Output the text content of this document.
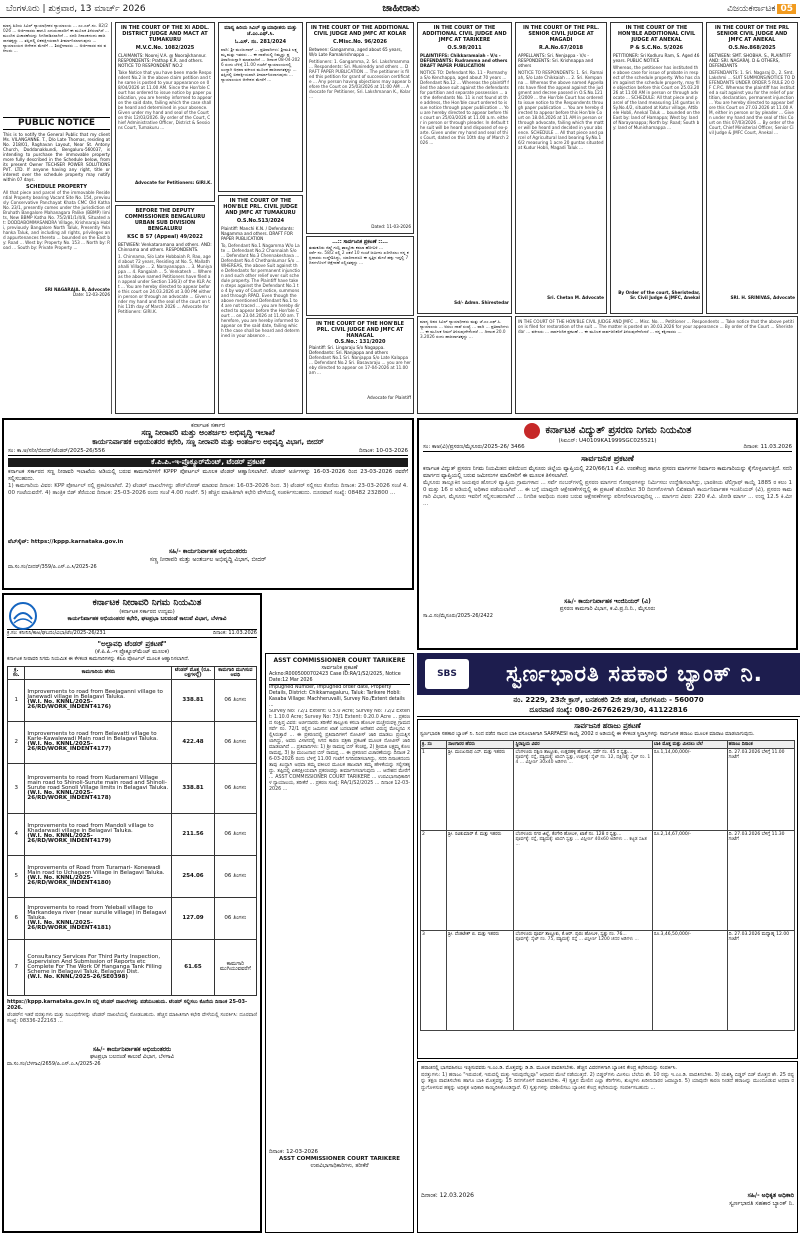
ಬೆಂಗಳೂರು | ಶುಕ್ರವಾರ, 13 ಮಾರ್ಚ್ 2026	ಜಾಹೀರಾತು	ವಿಜಯಕರ್ನಾಟಕ 05
ಮಾನ್ಯ ಹಿರಿಯ ಸಿವಿಲ್ ನ್ಯಾಯಾಧೀಶರ ನ್ಯಾಯಾಲಯ ... ಎಂ.ಎಸ್.ನಂ. 82/2026 ... ಅರ್ಜಿದಾರರು ಹಾಗೂ ಎದುರುದಾರರಿಗೆ ಈ ಮೂಲಕ ತಿಳಿಸಲಾಗಿದೆ ... ಮುಂದಿನ ವಿಚಾರಣೆಯನ್ನು ನಿಗದಿಪಡಿಸಲಾಗಿದೆ ... ಸದರಿ ದಿನಾಂಕದಂದು ಹಾಜರಾಗತಕ್ಕದ್ದು ... ತಪ್ಪಿದಲ್ಲಿ ಏಕಪಕ್ಷೀಯವಾಗಿ ತೀರ್ಮಾನಿಸಲಾಗುವುದು ... ನ್ಯಾಯಾಲಯದ ಆದೇಶದ ಮೇರೆಗೆ ... ಶಿರಸ್ತೇದಾರರು ... ಅರ್ಜಿದಾರರ ಪರ ವಕೀಲರು ...
PUBLIC NOTICE
This is to notify the General Public that my client Ms. VILANGANNE. T., D/o Late Thomas, residing at No. 218/01, Raghavan Layout, Near St. Antony Church, Doddanakkundi, Bengaluru-560037, is intending to purchase the immovable property more fully described in the Schedule below, from its present Owner TECHSER POWER SOLUTIONS PVT. LTD. If anyone having any right, title or interest over the schedule property may notify within 07 days.
SCHEDULE PROPERTY
All that piece and parcel of the immovable Residential Property bearing Vacant Site No. 154, previously Conservative Panchayat Khata CMC Old Katha No. 23/1, presently comes under the jurisdiction of Bruhath Bangalore Mahanagara Palike (BBMP) limits, New BBMP Katha No. 75/2/81/1/4/8, Situated at: DODDABOMMASANDRA Village, Krishnaraja Hobli, previously Bangalore North Taluk, Presently Yelahanka Taluk, and including all rights, privileges and appurtenances thereto ... bounded on the East by: Road ... West by: Property No. 153 ... North by: Road ... South by: Private Property ...
SRI NAGARAJA. B, Advocate
Date: 12-03-2026
IN THE COURT OF THE XI ADDL. DISTRICT JUDGE AND MACT AT TUMAKURU
M.V.C.No. 1082/2025
CLAIMANTS: Noorej V.A. @ Noorajkhannur. RESPONDENTS: Prathap K.R. and others. NOTICE TO RESPONDENT NO.2
Take Notice that you have been made Respondent No.2 in the above claim petition and the same is posted to your appearance on 08/04/2026 at 11.00 AM. Since the Hon'ble Court has ordered to issue notice by paper publication, you are hereby informed to appear on the said date, failing which the case shall be heard and determined in your absence. Given under my hand and seal of the Court on this 12/03/2026. By order of the Court, Chief Administrative Officer, District & Sessions Court, Tumakuru ...
Advocate for Petitioners: GIRI.K.
BEFORE THE DEPUTY COMMISSIONER BENGALURU URBAN SUB DIVISION BENGALURU
KSC B 57 (Appeal) 49/2022
BETWEEN: Venkataramana and others. AND: Chinnama and others. RESPONDENTS.
1. Chinnama, S/o Late Hobbaiah R. Rao, aged about 72 years, Residing at No. 5, Mallathahalli Village ... 2. Narayanappa ... 3. Muniyappa ... 4. Rangaiah ... 5. Venkatesh ... Whereas the above named Petitioners have filed an appeal under Section 136(3) of the KLR Act ... You are hereby directed to appear before this court on 24.03.2026 at 3.00 PM either in person or through an advocate ... Given under my hand and the seal of the court on this 11th day of March 2026 ... Advocate for Petitioners: GIRI.K.
ಮಾನ್ಯ ಹಿರಿಯ ಸಿವಿಲ್ ನ್ಯಾಯಾಧೀಶರು ಮತ್ತು ಜೆ.ಎಂ.ಎಫ್.ಸಿ.
ಓ.ಎಸ್. ನಂ. 281/2024
ವಾದಿ: ಶ್ರೀ ಮಂಜುನಾಥ್ ... ಪ್ರತಿವಾದಿಗಳು: ಶ್ರೀಮತಿ ಲಕ್ಷ್ಮಮ್ಮ ಮತ್ತು ಇತರರು ... ಈ ದಾವೆಯಲ್ಲಿ ನಿಮ್ಮನ್ನು ಪ್ರತಿವಾದಿಯನ್ನಾಗಿ ಮಾಡಲಾಗಿದೆ ... ದಿನಾಂಕ 08-04-2026 ರಂದು ಬೆಳಿಗ್ಗೆ 11.00 ಗಂಟೆಗೆ ನ್ಯಾಯಾಲಯದಲ್ಲಿ ಖುದ್ದಾಗಿ ಅಥವಾ ವಕೀಲರ ಮೂಲಕ ಹಾಜರಾಗತಕ್ಕದ್ದು ... ತಪ್ಪಿದಲ್ಲಿ ಏಕಪಕ್ಷೀಯವಾಗಿ ತೀರ್ಮಾನಿಸಲಾಗುವುದು ... ನ್ಯಾಯಾಲಯದ ಆದೇಶದ ಮೇರೆಗೆ ...
IN THE COURT OF THE HON'BLE PRL. CIVIL JUDGE AND JMFC AT TUMAKURU
O.S.No.513/2024
Plaintiff: Manchi K.N. / Defendants: Nagamma and others. DRAFT FOR PAPER PUBLICATION
To, Defendant No.1 Nagamma W/o Late ... Defendant No.2 Channaiah S/o ... Defendant No.3 Chennakeshava ... Defendant No.4 Chethankumar S/o ... WHEREAS, the above Suit against the Defendants for permanent injunction and such other relief over suit schedule property. The Plaintiff have taken steps against the Defendant No.1 to 4 by way of Court notice, summons and through RPAD. Even though the above mentioned Defendant No.1 to 4 are not traced ... you are hereby directed to appear before the Hon'ble Court ... on 23.04.2026 at 11.00 am. Therefore, you are hereby informed to appear on the said date, failing which the case shall be heard and determined in your absence ...
IN THE COURT OF THE ADDITIONAL CIVIL JUDGE AND JMFC AT KOLAR
C.Misc.No. 96/2026
Between: Gangamma, aged about 65 years, W/o Late Ramakrishnappa ...
Petitioners: 1. Gangamma, 2. Sri. Lakshmamma ... Respondents: Sri. Munireddy and others ... DRAFT PAPER PUBLICATION ... The petitioner is filed this petition for grant of succession certificate ... Any person having objections may appear before the Court on 25/03/2026 at 11:00 AM ... Advocate for Petitioner, Sri. Lakshmanan K., Kolar ...
Dated: 11-03-2026
...:: ಸಾರ್ವಜನಿಕ ಪ್ರಕಟಣೆ ::...
ತುಮಕೂರು ಜಿಲ್ಲೆ ಗುಬ್ಬಿ ತಾಲ್ಲೂಕು ಕಸಬಾ ಹೋಬಳಿ ...
ಸರ್ವೆ ನಂ. 58/2 ರಲ್ಲಿ 2 ಎಕರೆ 10 ಗುಂಟೆ ಜಮೀನು ಖರೀದಿಸಲು ನನ್ನ ಕಕ್ಷಿದಾರರು ಉದ್ದೇಶಿಸಿದ್ದು, ಯಾರಿಗಾದರೂ ಈ ಸ್ವತ್ತಿನ ಮೇಲೆ ಹಕ್ಕು ಇದ್ದಲ್ಲಿ 7 ದಿನಗಳೊಳಗೆ ಆಕ್ಷೇಪಣೆ ಸಲ್ಲಿಸತಕ್ಕದ್ದು ...
IN THE COURT OF THE HON'BLE PRL. CIVIL JUDGE AND JMFC AT HANAGAL
O.S.No.: 131/2020
Plaintiff: Sri. Lingaraju S/o Nagappa. Defendants: Sri. Nanjappa and others
Defendant No.1 Sri. Nanjappa S/o Late Kalappa ... Defendant No.2 Sri. Basavaraju ... you are hereby directed to appear on 17-04-2026 at 11.00 am ...
Advocate for Plaintiff
IN THE COURT OF THE ADDITIONAL CIVIL JUDGE AND JMFC AT TARIKERE
O.S.98/2011
PLAINTIFFS: Chikkaramaiah - V/s - DEFENDANTS: Rudramma and others DRAFT PAPER PUBLICATION
NOTICE TO: Defendant No. 11 - Parmashya S/o Kenchappa, aged about 70 years ... Defendant No.12 ... Whereas the plaintiff filed the above suit against the defendants for partition and separate possession ... as the defendants No. 11 is not found at the address, the Hon'ble court ordered to issue notice through paper publication ... You are hereby directed to appear before this court on 25/03/2026 at 11.00 a.m. either in person or through pleader. In default the suit will be heard and disposed of ex-parte. Given under my hand and seal of this Court, dated on this 10th day of March 2026 ...
Sd/- Admn. Shirestedar
IN THE COURT OF THE PRL. SENIOR CIVIL JUDGE AT MAGADI
R.A.No.67/2018
APPELLANTS: Sri. Nenjappa - V/s - RESPONDENTS: Sri. Krishnappa and others
NOTICE TO RESPONDENTS: 1. Sri. Ramaiah, S/o Late Chikkaiah ... 2. Sri. Kempanna ... Whereas the above named Appellants have filed the appeal against the judgment and decree passed in O.S.No.1212/2009 ... the Hon'ble Court has ordered to issue notice to the Respondents through paper publication ... You are hereby directed to appear before this Hon'ble Court on 18.04.2026 at 11 AM in person or through advocate, failing which the matter will be heard and decided in your absence. SCHEDULE ... All that piece and parcel of Agricultural land bearing Sy.No.16/2 measuring 1 acre 20 guntas situated at Kudur Hobli, Magadi Taluk ...
Sri. Chetan M. Advocate
IN THE COURT OF THE HON'BLE ADDITIONAL CIVIL JUDGE AT ANEKAL
P & S.C.No. 5/2026
PETITIONER: Sri Kodluru Ram, S. Aged 46 years. PUBLIC NOTICE
Whereas, the petitioner has instituted the above case for issue of probate in respect of the schedule property. Who has claim against the schedule property, may file objection before this Court on 25.03.2026 at 11:00 AM in person or through advocate ... SCHEDULE: All that piece and parcel of the land measuring 1/4 guntas in Sy.No.4/2, situated at Kotur village, Attibele Hobli, Anekal Taluk ... bounded on the East by: land of Hamappa; West by: land of Narayanappa; North by: Road; South by: land of Munishamappa ...
By Order of the court, Sheristedar, Sr. Civil Judge & JMFC, Anekal
IN THE COURT OF THE PRL SENIOR CIVIL JUDGE AND JMFC AT ANEKAL
O.S.No.868/2025
BETWEEN: SMT. SHOBHA. S., PLAINTIFF AND: SRI. NAGARAJ. D & OTHERS, DEFENDANTS
DEFENDANTS: 1. Sri. Nagaraj D., 2. Smt. Lakshmi ... SUIT SUMMONS/NOTICE TO DEFENDANTS UNDER ORDER 5 RULE 20 OF C.P.C. Whereas the plaintiff has instituted a suit against you for the relief of partition, declaration, permanent injunction ... You are hereby directed to appear before this Court on 27.03.2026 at 11.00 AM, either in person or by pleader ... Given under my hand and the seal of this Court on this 07/03/2026 ... By order of the Court, Chief Ministerial Officer, Senior Civil Judge & JMFC Court, Anekal ...
SRI. H. SRINIVAS, Advocate
ಮಾನ್ಯ ಅಪರ ಸಿವಿಲ್ ನ್ಯಾಯಾಧೀಶರು ಮತ್ತು ಜೆ.ಎಂ.ಎಫ್.ಸಿ. ನ್ಯಾಯಾಲಯ ... ಅಸಲು ದಾವೆ ಸಂಖ್ಯೆ ... ವಾದಿ ... ಪ್ರತಿವಾದಿಗಳು ... ಈ ಮೂಲಕ ನಿಮಗೆ ತಿಳಿಸುವುದೇನೆಂದರೆ ... ದಿನಾಂಕ 20.03.2026 ರಂದು ಹಾಜರಾಗತಕ್ಕದ್ದು ...
IN THE COURT OF THE HON'BLE CIVIL JUDGE AND JMFC ... Misc. No. ... Petitioner ... Respondents ... Take notice that the above petition is filed for restoration of the suit ... The matter is posted on 30.03.2026 for your appearance ... By order of the Court ... Sheristedar ... ವಕೀಲರು ... ಸಾರ್ವಜನಿಕ ಪ್ರಕಟಣೆ ... ಈ ಮೂಲಕ ಸಾರ್ವಜನಿಕರಿಗೆ ತಿಳಿಸುವುದೇನೆಂದರೆ ... ನನ್ನ ಕಕ್ಷಿದಾರರು ...
ಕರ್ನಾಟಕ ಸರ್ಕಾರ
ಸಣ್ಣ ನೀರಾವರಿ ಮತ್ತು ಅಂತರ್ಜಲ ಅಭಿವೃದ್ಧಿ ಇಲಾಖೆ
ಕಾರ್ಯನಿರ್ವಾಹಕ ಅಭಿಯಂತರರ ಕಛೇರಿ, ಸಣ್ಣ ನೀರಾವರಿ ಮತ್ತು ಅಂತರ್ಜಲ ಅಭಿವೃದ್ಧಿ ವಿಭಾಗ, ಬೀದರ್
ಸಂ: ಕಾ.ಅ/ಸನೀ/ಬೀದರ್/ಟೆಂಡರ್/2025-26/556	ದಿನಾಂಕ: 10-03-2026
ಕೆ.ಪಿ.ಪಿ.-ಇ-ಪ್ರೊಕ್ಯೂರ್‌ಮೆಂಟ್, ಟೆಂಡರ್ ಪ್ರಕಟಣೆ
ಕರ್ನಾಟಕ ಸರ್ಕಾರದ ಸಣ್ಣ ನೀರಾವರಿ ಇಲಾಖೆಯ ಅಡಿಯಲ್ಲಿ ಬರುವ ಕಾಮಗಾರಿಗಳಿಗೆ KPPP ಪೋರ್ಟಲ್ ಮೂಲಕ ಟೆಂಡರ್ ಆಹ್ವಾನಿಸಲಾಗಿದೆ. ಟೆಂಡರ್ ಅರ್ಜಿಗಳನ್ನು 16-03-2026 ರಿಂದ 23-03-2026 ರವರೆಗೆ ಸಲ್ಲಿಸಬಹುದು.
1) ಕಾಮಗಾರಿಯ ವಿವರ: KPP ಪೋರ್ಟಲ್ ನಲ್ಲಿ ಪ್ರಕಟಿಸಲಾಗಿದೆ. 2) ಟೆಂಡರ್ ದಾಖಲೆಗಳನ್ನು ಡೌನ್‌ಲೋಡ್ ಮಾಡುವ ದಿನಾಂಕ: 16-03-2026 ರಿಂದ. 3) ಟೆಂಡರ್ ಸಲ್ಲಿಸಲು ಕೊನೆಯ ದಿನಾಂಕ: 23-03-2026 ಸಂಜೆ 4.00 ಗಂಟೆಯವರೆಗೆ. 4) ತಾಂತ್ರಿಕ ಬಿಡ್ ತೆರೆಯುವ ದಿನಾಂಕ: 25-03-2026 ರಂದು ಸಂಜೆ 4.00 ಗಂಟೆಗೆ. 5) ಹೆಚ್ಚಿನ ಮಾಹಿತಿಗಾಗಿ ಕಛೇರಿ ವೇಳೆಯಲ್ಲಿ ಸಂಪರ್ಕಿಸಬಹುದು. ದೂರವಾಣಿ ಸಂಖ್ಯೆ: 08482 232800 ...
ವೆಬ್‌ಸೈಟ್: https://kppp.karnataka.gov.in
ಸಹಿ/- ಕಾರ್ಯನಿರ್ವಾಹಕ ಅಭಿಯಂತರರು
ಸಣ್ಣ ನೀರಾವರಿ ಮತ್ತು ಅಂತರ್ಜಲ ಅಭಿವೃದ್ಧಿ ವಿಭಾಗ, ಬೀದರ್
ವಾ.ಸಂ.ಸಂ/ಬೀದರ್/359/ಪಿ.ಎಸ್.ಎ.ಸಿ/2025-26
ಕರ್ನಾಟಕ ವಿದ್ಯುತ್ ಪ್ರಸರಣ ನಿಗಮ ನಿಯಮಿತ
(ಸಿಐಎನ್: U40109KA1999SGC025521)
ಸಂ: ಕಾಅ(ವಿ)/ಪ್ರಸರಣ/ಮೈಸೂರು/2025-26/ 3466	ದಿನಾಂಕ: 11.03.2026
ಸಾರ್ವಜನಿಕ ಪ್ರಕಟಣೆ
ಕರ್ನಾಟಕ ವಿದ್ಯುತ್ ಪ್ರಸರಣ ನಿಗಮ ನಿಯಮಿತದ ವತಿಯಿಂದ ಮೈಸೂರು ಜಿಲ್ಲೆಯ ವ್ಯಾಪ್ತಿಯಲ್ಲಿ 220/66/11 ಕೆ.ವಿ. ಉಪಕೇಂದ್ರ ಹಾಗೂ ಪ್ರಸರಣ ಮಾರ್ಗಗಳ ನಿರ್ಮಾಣ ಕಾಮಗಾರಿಯನ್ನು ಕೈಗೊಳ್ಳಲಾಗುತ್ತಿದೆ. ಸದರಿ ಮಾರ್ಗದ ವ್ಯಾಪ್ತಿಯಲ್ಲಿ ಬರುವ ಜಮೀನುಗಳ ಮಾಲೀಕರಿಗೆ ಈ ಮೂಲಕ ತಿಳಿಸಲಾಗಿದೆ.
ಮೈಸೂರು ತಾಲ್ಲೂಕಿನ ಜಯಪುರ ಹೋಬಳಿ ವ್ಯಾಪ್ತಿಯ ಗ್ರಾಮಗಳಾದ ... ಸರ್ವೆ ನಂಬರ್‌ಗಳಲ್ಲಿ ಪ್ರಸರಣ ಮಾರ್ಗದ ಗೋಪುರಗಳನ್ನು ನಿರ್ಮಿಸಲು ಉದ್ದೇಶಿಸಲಾಗಿದ್ದು, ಭಾರತೀಯ ಟೆಲಿಗ್ರಾಫ್ ಕಾಯ್ದೆ 1885 ರ ಕಲಂ 10 ಮತ್ತು 16 ರ ಅಡಿಯಲ್ಲಿ ಅಧಿಕಾರ ಪಡೆಯಲಾಗಿದೆ ... ಈ ಬಗ್ಗೆ ಯಾವುದೇ ಆಕ್ಷೇಪಣೆಗಳಿದ್ದಲ್ಲಿ ಈ ಪ್ರಕಟಣೆ ಹೊರಡಿಸಿದ 30 ದಿನಗಳೊಳಗಾಗಿ ಲಿಖಿತವಾಗಿ ಕಾರ್ಯನಿರ್ವಾಹಕ ಇಂಜಿನಿಯರ್ (ವಿ), ಪ್ರಸರಣ ಕಾಮಗಾರಿ ವಿಭಾಗ, ಮೈಸೂರು ಇವರಿಗೆ ಸಲ್ಲಿಸಬಹುದಾಗಿದೆ ... ನಿಗದಿತ ಅವಧಿಯ ನಂತರ ಬರುವ ಆಕ್ಷೇಪಣೆಗಳನ್ನು ಪರಿಗಣಿಸಲಾಗುವುದಿಲ್ಲ ... ಮಾರ್ಗದ ವಿವರ: 220 ಕೆ.ವಿ. ಜೋಡಿ ಮಾರ್ಗ ... ಉದ್ದ 12.5 ಕಿ.ಮೀ ...
ಸಹಿ/- ಕಾರ್ಯನಿರ್ವಾಹಕ ಇಂಜಿನಿಯರ್ (ವಿ)
ಪ್ರಸರಣ ಕಾಮಗಾರಿ ವಿಭಾಗ, ಕ.ವಿ.ಪ್ರ.ನಿ.ನಿ., ಮೈಸೂರು
ಸಾ.ವಿ.ಸಂ/ಮೈಸೂರು/2025-26/2422
SBS	ಸ್ವರ್ಣಭಾರತಿ ಸಹಕಾರ ಬ್ಯಾಂಕ್ ನಿ.
ನಂ. 2229, 23ನೇ ಕ್ರಾಸ್, ಬನಶಂಕರಿ 2ನೇ ಹಂತ, ಬೆಂಗಳೂರು - 560070
ದೂರವಾಣಿ ಸಂಖ್ಯೆ: 080-26762629/30, 41122816
ಸಾರ್ವಜನಿಕ ಹರಾಜು ಪ್ರಕಟಣೆ
ಸ್ವರ್ಣಭಾರತಿ ಸಹಕಾರ ಬ್ಯಾಂಕ್ ನಿ. ನಿಂದ ಪಡೆದ ಸಾಲದ ಬಾಕಿ ವಸೂಲಾತಿಗಾಗಿ SARFAESI ಕಾಯ್ದೆ 2002 ರ ಅಡಿಯಲ್ಲಿ ಈ ಕೆಳಕಂಡ ಸ್ಥಿರಾಸ್ತಿಗಳನ್ನು ಸಾರ್ವಜನಿಕ ಹರಾಜು ಮೂಲಕ ಮಾರಾಟ ಮಾಡಲಾಗುವುದು.
ಕ್ರ. ಸಂ	ಸಾಲಗಾರರ ಹೆಸರು	ಸ್ಥಿರಾಸ್ತಿಯ ವಿವರ	ಬಾಕಿ ಮೊತ್ತ ಮತ್ತು ಮೀಸಲು ಬೆಲೆ	ಹರಾಜು ದಿನಾಂಕ
1	ಶ್ರೀ. ಮಂಜುನಾಥ ಎಸ್. ಮತ್ತು ಇತರರು	ಬೆಂಗಳೂರು ದಕ್ಷಿಣ ತಾಲ್ಲೂಕು, ಉತ್ತರಹಳ್ಳಿ ಹೋಬಳಿ, ಸರ್ವೆ ನಂ. 45 ರ ಸ್ವತ್ತು...
ಪೂರ್ವಕ್ಕೆ: ರಸ್ತೆ, ಪಶ್ಚಿಮಕ್ಕೆ: ಖಾಸಗಿ ಸ್ವತ್ತು, ಉತ್ತರಕ್ಕೆ: ಸೈಟ್ ನಂ. 12, ದಕ್ಷಿಣಕ್ಕೆ: ಸೈಟ್ ನಂ. 14 ... ವಿಸ್ತೀರ್ಣ 30x40 ಅಡಿಗಳು ...	ರೂ.1,14,00,000/-	ದಿ. 27.03.2026 ಬೆಳಿಗ್ಗೆ 11.00 ಗಂಟೆಗೆ
2	ಶ್ರೀ. ರವಿಕುಮಾರ್ ಕೆ. ಮತ್ತು ಇತರರು	ಬೆಂಗಳೂರು ನಗರ ಜಿಲ್ಲೆ, ಕೆಂಗೇರಿ ಹೋಬಳಿ, ಖಾತೆ ನಂ. 128 ರ ಸ್ವತ್ತು...
ಪೂರ್ವಕ್ಕೆ: ರಸ್ತೆ, ಪಶ್ಚಿಮಕ್ಕೆ: ಖಾಸಗಿ ಸ್ವತ್ತು ... ವಿಸ್ತೀರ್ಣ 40x60 ಅಡಿಗಳು ... ಕಟ್ಟಡ ಸಹಿತ ...	ರೂ.2,14,67,000/-	ದಿ. 27.03.2026 ಬೆಳಿಗ್ಗೆ 11.30 ಗಂಟೆಗೆ
3	ಶ್ರೀ. ವೆಂಕಟೇಶ್ ಬಿ. ಮತ್ತು ಇತರರು	ಬೆಂಗಳೂರು ಪೂರ್ವ ತಾಲ್ಲೂಕು, ಕೆ.ಆರ್. ಪುರಂ ಹೋಬಳಿ, ಸ್ವತ್ತು ನಂ. 76...
ಪೂರ್ವಕ್ಕೆ: ಸೈಟ್ ನಂ. 75, ಪಶ್ಚಿಮಕ್ಕೆ: ರಸ್ತೆ ... ವಿಸ್ತೀರ್ಣ 1200 ಚದರ ಅಡಿಗಳು ...	ರೂ.3,46,50,000/-	ದಿ. 27.03.2026 ಮಧ್ಯಾಹ್ನ 12.00 ಗಂಟೆಗೆ
ಹರಾಜಿನಲ್ಲಿ ಭಾಗವಹಿಸಲು ಇಚ್ಛಿಸುವವರು ಇ.ಎಂ.ಡಿ. ಮೊತ್ತವನ್ನು ಡಿ.ಡಿ. ಮೂಲಕ ಪಾವತಿಸಬೇಕು. ಹೆಚ್ಚಿನ ವಿವರಗಳಿಗಾಗಿ ಬ್ಯಾಂಕಿನ ಕೇಂದ್ರ ಕಛೇರಿಯನ್ನು ಸಂಪರ್ಕಿಸಿ.
ಷರತ್ತುಗಳು: 1) ಹರಾಜು "ಇರುವಂತೆ, ಇರುವಲ್ಲಿ ಮತ್ತು ಇರುವುದೆಲ್ಲವೂ" ಆಧಾರದ ಮೇಲೆ ನಡೆಯುತ್ತದೆ. 2) ಬಿಡ್ಡರ್‌ಗಳು ಮೀಸಲು ಬೆಲೆಯ ಶೇ. 10 ರಷ್ಟು ಇ.ಎಂ.ಡಿ. ಪಾವತಿಸಬೇಕು. 3) ಯಶಸ್ವಿ ಬಿಡ್ಡರ್ ಬಿಡ್ ಮೊತ್ತದ ಶೇ. 25 ರಷ್ಟನ್ನು ತಕ್ಷಣ ಪಾವತಿಸಬೇಕು ಹಾಗೂ ಬಾಕಿ ಮೊತ್ತವನ್ನು 15 ದಿನಗಳೊಳಗೆ ಪಾವತಿಸಬೇಕು. 4) ಸ್ವತ್ತಿನ ಮೇಲಿನ ಎಲ್ಲಾ ತೆರಿಗೆಗಳು, ಶುಲ್ಕಗಳು ಖರೀದಿದಾರರ ಜವಾಬ್ದಾರಿ. 5) ಯಾವುದೇ ಕಾರಣ ನೀಡದೆ ಹರಾಜನ್ನು ಮುಂದೂಡುವ ಅಥವಾ ರದ್ದುಗೊಳಿಸುವ ಹಕ್ಕನ್ನು ಅಧಿಕೃತ ಅಧಿಕಾರಿ ಕಾಯ್ದಿರಿಸಿಕೊಂಡಿದ್ದಾರೆ. 6) ಸ್ವತ್ತುಗಳನ್ನು ಪರಿಶೀಲಿಸಲು ಬ್ಯಾಂಕಿನ ಕೇಂದ್ರ ಕಛೇರಿಯನ್ನು ಸಂಪರ್ಕಿಸಬಹುದು ...
ದಿನಾಂಕ: 12.03.2026	ಸಹಿ/- ಅಧಿಕೃತ ಅಧಿಕಾರಿ
ಸ್ವರ್ಣಭಾರತಿ ಸಹಕಾರ ಬ್ಯಾಂಕ್ ನಿ.
ಕರ್ನಾಟಕ ನೀರಾವರಿ ನಿಗಮ ನಿಯಮಿತ
(ಕರ್ನಾಟಕ ಸರ್ಕಾರದ ಉದ್ಯಮ)
ಕಾರ್ಯನಿರ್ವಾಹಕ ಅಭಿಯಂತರರ ಕಛೇರಿ, ಘಟಪ್ರಭಾ ಬಲದಂಡೆ ಕಾಲುವೆ ವಿಭಾಗ, ಬೆಳಗಾವಿ
ಕ್ರ.ಸಂ: ಕನೀನಿನಿ/ಕಾಅ/ಘಬದಂ/ವಿಭಾ/ಟೆಂ/2025-26/231	ದಿನಾಂಕ: 11.03.2026
"ಅಲ್ಪಾವಧಿ ಟೆಂಡರ್ ಪ್ರಕಟಣೆ"
(ಕೆ.ಪಿ.ಪಿ.-ಇ ಪ್ರೊಕ್ಯೂರ್‌ಮೆಂಟ್ ಮೂಲಕ)
ಕರ್ನಾಟಕ ನೀರಾವರಿ ನಿಗಮ ನಿಯಮಿತ ಈ ಕೆಳಕಂಡ ಕಾಮಗಾರಿಗಳನ್ನು ಕೆಪಿಪಿ ಪೋರ್ಟಲ್ ಮೂಲಕ ಆಹ್ವಾನಿಸಲಾಗಿದೆ.
ಕ್ರ.
ಸಂ.	ಕಾಮಗಾರಿಯ ಹೆಸರು	ಟೆಂಡರ್ ಮೊತ್ತ (ರೂ. ಲಕ್ಷಗಳಲ್ಲಿ)	ಕಾಮಗಾರಿ ಮುಗಿಸುವ ಅವಧಿ
1	Improvements to road from Beejaganni village to Janewadi village in Belagavi Taluka.
(W.I. No. KNNL/2025-26/RD/WORK_INDENT4176)	338.81	06 ತಿಂಗಳು
2	Improvements to road from Belavatti village to Karle-Kawalewadi Main road in Belagavi Taluka.
(W.I. No. KNNL/2025-26/RD/WORK_INDENT4177)	422.48	06 ತಿಂಗಳು
3	Improvements to road from Kudaremani Village main road to Shinoli-Surute main road and Shinoli-Surute road Sonoli Village limits in Belagavi Taluka.
(W.I. No. KNNL/2025-26/RD/WORK_INDENT4178)	338.81	06 ತಿಂಗಳು
4	Improvements to road from Mandoli village to Khadarwadi village in Belagavi Taluka.
(W.I. No. KNNL/2025-26/RD/WORK_INDENT4179)	211.56	06 ತಿಂಗಳು
5	Improvements of Road from Turamari- Konewadi Main road to Uchagaon Village in Belagavi Taluka.
(W.I. No. KNNL/2025-26/RD/WORK_INDENT4180)	254.06	06 ತಿಂಗಳು
6	Improvements to road from Yelebail village to Markandeya river (near suruile village) in Belagavi Taluka.
(W.I. No. KNNL/2025-26/RD/WORK_INDENT4181)	127.09	06 ತಿಂಗಳು
7	Consultancy Services For Third Party Inspection, Supervision And Submission of Reports etc Complete For The Work Of Hanganga Tank Filling Scheme in Belagavi Taluk, Belagavi Dist.
(W.I. No. KNNL/2025-26/SE0398)	61.65	ಕಾಮಗಾರಿ ಮುಗಿಯುವವರೆಗೆ
https://kppp.karnataka.gov.in ನಲ್ಲಿ ಟೆಂಡರ್ ದಾಖಲೆಗಳನ್ನು ಪಡೆಯಬಹುದು. ಟೆಂಡರ್ ಸಲ್ಲಿಸಲು ಕೊನೆಯ ದಿನಾಂಕ 25-03-2026.
ಟೆಂಡರ್‌ನ ಇತರೆ ಷರತ್ತುಗಳು ಮತ್ತು ನಿಬಂಧನೆಗಳನ್ನು ಟೆಂಡರ್ ದಾಖಲೆಯಲ್ಲಿ ನೋಡಬಹುದು. ಹೆಚ್ಚಿನ ಮಾಹಿತಿಗಾಗಿ ಕಛೇರಿ ವೇಳೆಯಲ್ಲಿ ಸಂಪರ್ಕಿಸಿ: ದೂರವಾಣಿ ಸಂಖ್ಯೆ: 08336-222163 ...
ಸಹಿ/- ಕಾರ್ಯನಿರ್ವಾಹಕ ಅಭಿಯಂತರರು
ಘಟಪ್ರಭಾ ಬಲದಂಡೆ ಕಾಲುವೆ ವಿಭಾಗ, ಬೆಳಗಾವಿ
ವಾ.ಸಂ.ಸಂ/ಬೆಳಗಾವಿ/2659/ಪಿ.ಎಸ್.ಎ.ಸಿ/2025-26
ASST COMMISSIONER COURT TARIKERE
ಸಾರ್ವಜನಿಕ ಪ್ರಕಟಣೆ
Ackno:R0005000702423 Case ID:RA/1/S2/2025, Notice Date:12 Mar 2026
Impugned Number, Impugned order date, Property Details, District: Chikkamagaluru, Taluk: Tarikere Hobli: Kasaba Village: Machheruvalli, Survey No./Extent details ...
Survey No: 72/1 Extent: 0.5.0 Acre; Survey No: 72/2 Extent: 1.10.0 Acre; Survey No: 73/1 Extent: 0.20.0 Acre ... ಪ್ರಕರಣದ ಸಂಕ್ಷಿಪ್ತ ವಿವರ: ಅರ್ಜಿದಾರರು ತರೀಕೆರೆ ತಾಲ್ಲೂಕು ಕಸಬಾ ಹೋಬಳಿ ಮಚ್ಚೇರುವಳ್ಳಿ ಗ್ರಾಮದ ಸರ್ವೆ ನಂ. 72/1 ರಲ್ಲಿನ ಜಮೀನಿನ ಖಾತೆ ಬದಲಾವಣೆ ಆದೇಶದ ವಿರುದ್ಧ ಮೇಲ್ಮನವಿ ಸಲ್ಲಿಸಿರುತ್ತಾರೆ ... ಈ ಪ್ರಕರಣದಲ್ಲಿ ಪ್ರತಿವಾದಿಗಳಿಗೆ ನೋಟೀಸ್ ಜಾರಿ ಮಾಡಲು ಪ್ರಯತ್ನಿಸಲಾಗಿದ್ದು, ಅವರು ವಿಳಾಸದಲ್ಲಿ ಸಿಗದ ಕಾರಣ ಪತ್ರಿಕಾ ಪ್ರಕಟಣೆ ಮೂಲಕ ನೋಟೀಸ್ ಜಾರಿ ಮಾಡಲಾಗಿದೆ ... ಪ್ರತಿವಾದಿಗಳು: 1) ಶ್ರೀ ರಾಮಪ್ಪ ಬಿನ್ ಕೆಂಚಪ್ಪ, 2) ಶ್ರೀಮತಿ ಲಕ್ಷ್ಮಮ್ಮ ಕೋಂ ರಾಮಪ್ಪ, 3) ಶ್ರೀ ಮಂಜುನಾಥ ಬಿನ್ ರಾಮಪ್ಪ ... ಈ ಪ್ರಕರಣದ ವಿಚಾರಣೆಯನ್ನು ದಿನಾಂಕ 26-03-2026 ರಂದು ಬೆಳಿಗ್ಗೆ 11.00 ಗಂಟೆಗೆ ನಿಗದಿಪಡಿಸಲಾಗಿದ್ದು, ಸದರಿ ದಿನಾಂಕದಂದು ತಾವು ಖುದ್ದಾಗಿ ಅಥವಾ ತಮ್ಮ ವಕೀಲರ ಮೂಲಕ ಹಾಜರಾಗಿ ತಮ್ಮ ಹೇಳಿಕೆಯನ್ನು ಸಲ್ಲಿಸತಕ್ಕದ್ದು. ತಪ್ಪಿದಲ್ಲಿ ಏಕಪಕ್ಷೀಯವಾಗಿ ಪ್ರಕರಣವನ್ನು ತೀರ್ಮಾನಿಸಲಾಗುವುದು ... ಆದೇಶದ ಮೇರೆಗೆ ... ASST COMMISSIONER COURT TARIKERE ... ಉಪವಿಭಾಗಾಧಿಕಾರಿಗಳ ನ್ಯಾಯಾಲಯ, ತರೀಕೆರೆ ... ಪ್ರಕರಣ ಸಂಖ್ಯೆ: RA/1/S2/2025 ... ದಿನಾಂಕ 12-03-2026 ...
ದಿನಾಂಕ: 12-03-2026
ASST COMMISSIONER COURT TARIKERE
ಉಪವಿಭಾಗಾಧಿಕಾರಿಗಳು, ತರೀಕೆರೆ
